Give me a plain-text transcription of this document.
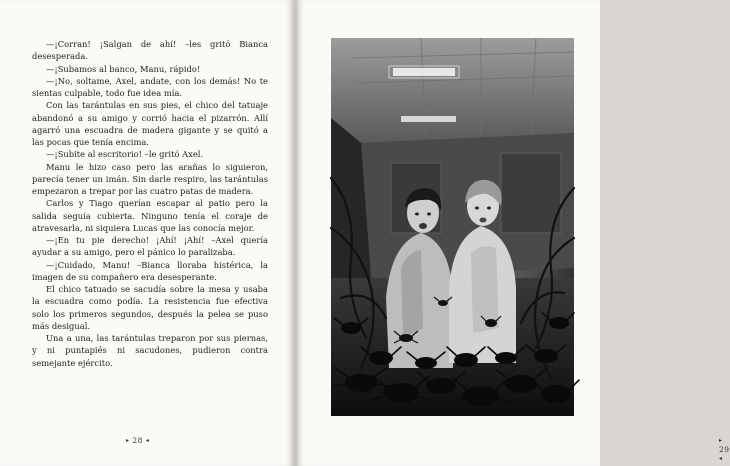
—¡Corran! ¡Salgan de ahí! –les gritó Bianca desesperada.

—¡Subamos al banco, Manu, rápido!

—¡No, soltame, Axel, andate, con los demás! No te sientas culpable, todo fue idea mía.

Con las tarántulas en sus pies, el chico del tatuaje abandonó a su amigo y corrió hacia el pizarrón. Allí agarró una escuadra de madera gigante y se quitó a las pocas que tenía encima.

—¡Subite al escritorio! –le gritó Axel.

Manu le hizo caso pero las arañas lo siguieron, parecía tener un imán. Sin darle respiro, las tarántulas empezaron a trepar por las cuatro patas de madera.

Carlos y Tiago querían escapar al patio pero la salida seguía cubierta. Ninguno tenía el coraje de atravesarla, ni siquiera Lucas que las conocía mejor.

—¡En tu pie derecho! ¡Ahí! ¡Ahí! –Axel quería ayudar a su amigo, pero el pánico lo paralizaba.

—¡Cuidado, Manu! –Bianca lloraba histérica, la imagen de su compañero era desesperante.

El chico tatuado se sacudía sobre la mesa y usaba la escuadra como podía. La resistencia fue efectiva solo los primeros segundos, después la pelea se puso más desigual.

Una a una, las tarántulas treparon por sus piernas, y ni puntapiés ni sacudones, pudieron contra semejante ejército.

▸ 28 ◂	▸ 29 ◂
